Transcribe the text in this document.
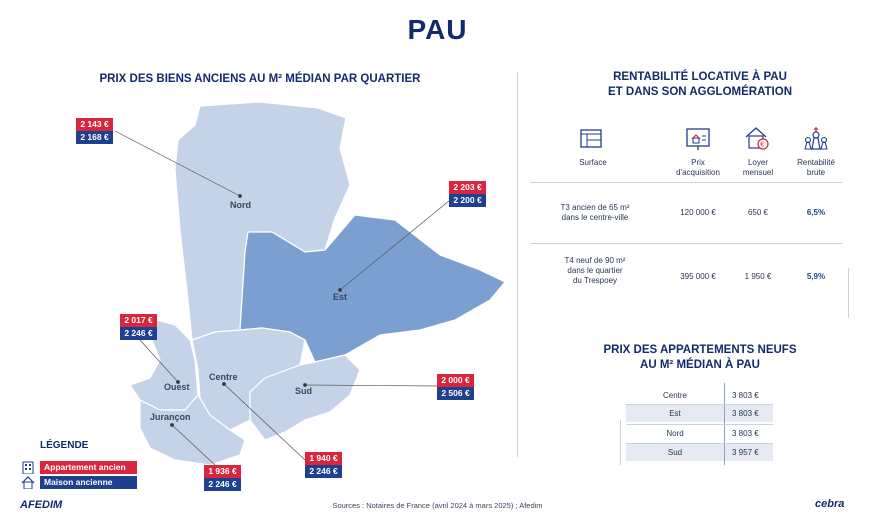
PAU
PRIX DES BIENS ANCIENS AU M² MÉDIAN PAR QUARTIER
Nord
Est
Ouest	Sud
Centre
Jurançon
2 143 €
2 168 €
2 203 €
2 200 €
2 017 €
2 246 €
2 000 €
2 506 €
1 940 €
2 246 €
1 936 €
2 246 €
LÉGENDE
Appartement ancien
Maison ancienne
RENTABILITÉ LOCATIVE À PAU
ET DANS SON AGGLOMÉRATION
€
Surface	Prix
d'acquisition
Loyer
mensuel
Rentabilité
brute
T3 ancien de 65 m²
dans le centre-ville
120 000 €	650 €	6,5%
T4 neuf de 90 m²
dans le quartier
du Trespoey	395 000 €	1 950 €	5,9%
PRIX DES APPARTEMENTS NEUFS
AU M² MÉDIAN À PAU
Centre	3 803 €
Est	3 803 €
Nord	3 803 €
Sud	3 957 €
AFEDIM	Sources : Notaires de France (avril 2024 à mars 2025) ; Afedim	cebra
